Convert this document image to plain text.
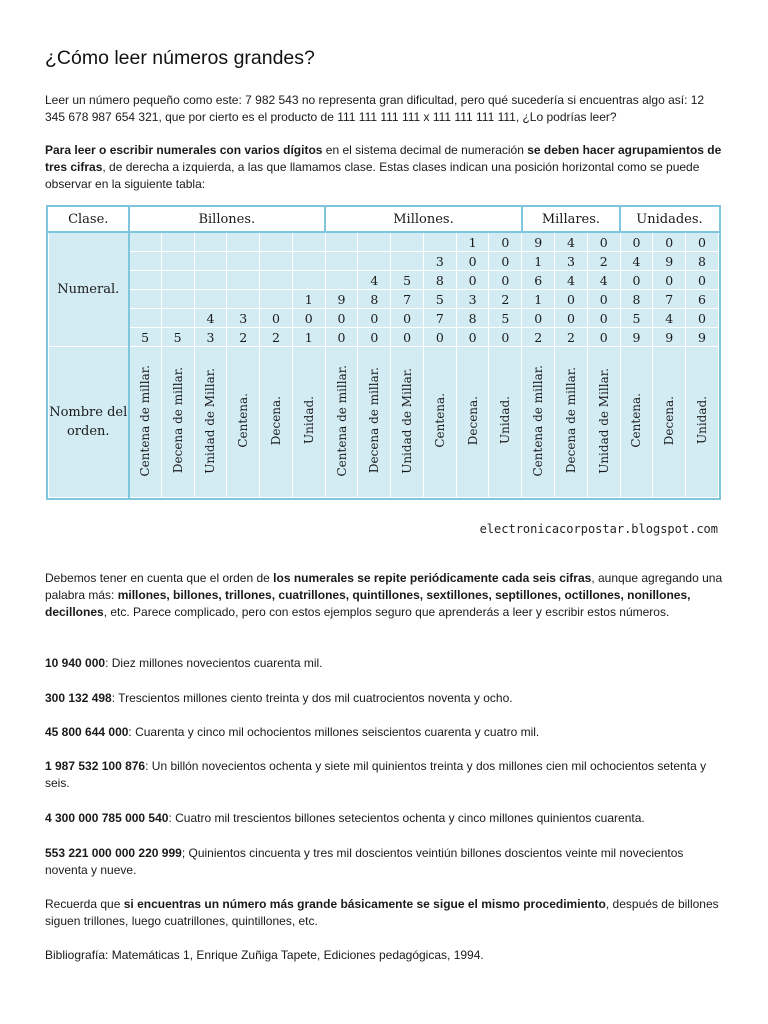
¿Cómo leer números grandes?

Leer un número pequeño como este: 7 982 543 no representa gran dificultad, pero qué sucedería si encuentras algo así: 12 345 678 987 654 321, que por cierto es el producto de 111 111 111 111 x 111 111 111 111, ¿Lo podrías leer?

Para leer o escribir numerales con varios dígitos en el sistema decimal de numeración se deben hacer agrupamientos de tres cifras, de derecha a izquierda, a las que llamamos clase. Estas clases indican una posición horizontal como se puede observar en la siguiente tabla:

Clase.	Billones.						Millones.						Millares.			Unidades.		
Numeral.											1	0	9	4	0	0	0	0
										3	0	0	1	3	2	4	9	8
								4	5	8	0	0	6	4	4	0	0	0
						1	9	8	7	5	3	2	1	0	0	8	7	6
			4	3	0	0	0	0	0	7	8	5	0	0	0	5	4	0
	5	5	3	2	2	1	0	0	0	0	0	0	2	2	0	9	9	9
Nombre del orden.	Centena de millar.	Decena de millar.	Unidad de Millar.	Centena.	Decena.	Unidad.	Centena de millar.	Decena de millar.	Unidad de Millar.	Centena.	Decena.	Unidad.	Centena de millar.	Decena de millar.	Unidad de Millar.	Centena.	Decena.	Unidad.
electronicacorpostar.blogspot.com

Debemos tener en cuenta que el orden de los numerales se repite periódicamente cada seis cifras, aunque agregando una palabra más: millones, billones, trillones, cuatrillones, quintillones, sextillones, septillones, octillones, nonillones, decillones, etc. Parece complicado, pero con estos ejemplos seguro que aprenderás a leer y escribir estos números.

10 940 000: Diez millones novecientos cuarenta mil.

300 132 498: Trescientos millones ciento treinta y dos mil cuatrocientos noventa y ocho.

45 800 644 000: Cuarenta y cinco mil ochocientos millones seiscientos cuarenta y cuatro mil.

1 987 532 100 876: Un billón novecientos ochenta y siete mil quinientos treinta y dos millones cien mil ochocientos setenta y seis.

4 300 000 785 000 540: Cuatro mil trescientos billones setecientos ochenta y cinco millones quinientos cuarenta.

553 221 000 000 220 999; Quinientos cincuenta y tres mil doscientos veintiún billones doscientos veinte mil novecientos noventa y nueve.

Recuerda que si encuentras un número más grande básicamente se sigue el mismo procedimiento, después de billones siguen trillones, luego cuatrillones, quintillones, etc.

Bibliografía: Matemáticas 1, Enrique Zuñiga Tapete, Ediciones pedagógicas, 1994.
